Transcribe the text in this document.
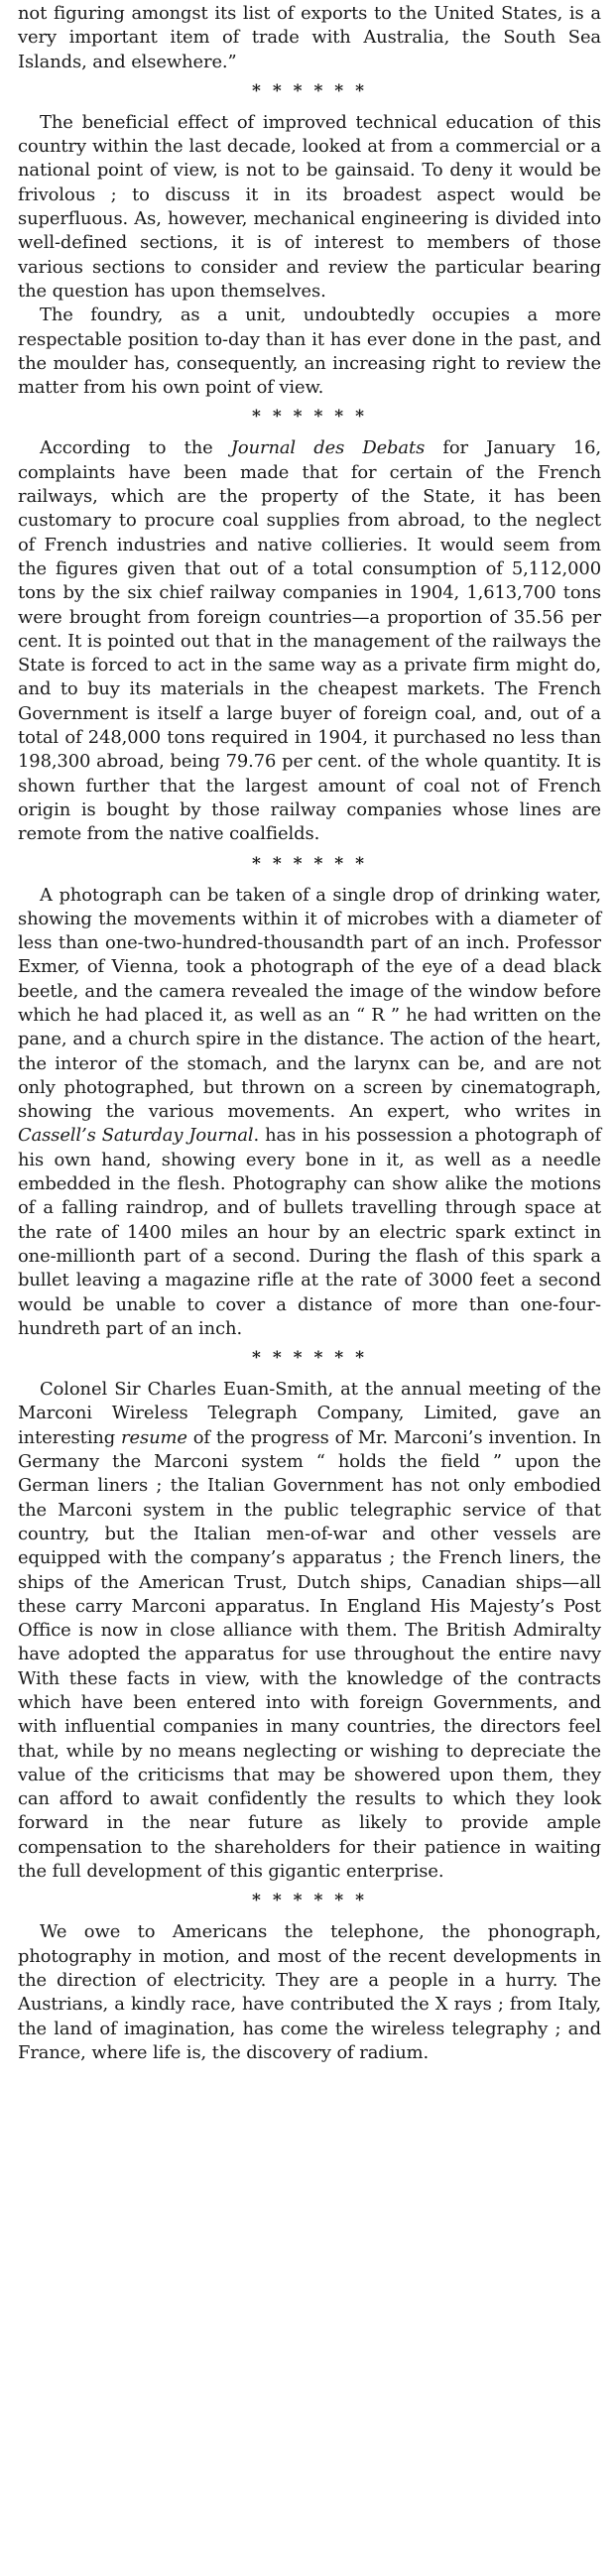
not figuring amongst its list of exports to the United States, is a very important item of trade with Australia, the South Sea Islands, and elsewhere.”

* * * * * *

The beneficial effect of improved technical education of this country within the last decade, looked at from a commercial or a national point of view, is not to be gainsaid. To deny it would be frivolous ; to discuss it in its broadest aspect would be superfluous. As, however, mechanical engineering is divided into well-defined sections, it is of interest to members of those various sections to consider and review the particular bearing the question has upon themselves.

The foundry, as a unit, undoubtedly occupies a more respectable position to-day than it has ever done in the past, and the moulder has, consequently, an increasing right to review the matter from his own point of view.

* * * * * *

According to the Journal des Debats for January 16, complaints have been made that for certain of the French railways, which are the property of the State, it has been customary to procure coal supplies from abroad, to the neglect of French industries and native collieries. It would seem from the figures given that out of a total consumption of 5,112,000 tons by the six chief railway companies in 1904, 1,613,700 tons were brought from foreign countries—a proportion of 35.56 per cent. It is pointed out that in the management of the railways the State is forced to act in the same way as a private firm might do, and to buy its materials in the cheapest markets. The French Government is itself a large buyer of foreign coal, and, out of a total of 248,000 tons required in 1904, it purchased no less than 198,300 abroad, being 79.76 per cent. of the whole quantity. It is shown further that the largest amount of coal not of French origin is bought by those railway companies whose lines are remote from the native coalfields.

* * * * * *

A photograph can be taken of a single drop of drinking water, showing the movements within it of microbes with a diameter of less than one-two-hundred-thousandth part of an inch. Professor Exmer, of Vienna, took a photograph of the eye of a dead black beetle, and the camera revealed the image of the window before which he had placed it, as well as an “ R ” he had written on the pane, and a church spire in the distance. The action of the heart, the interor of the stomach, and the larynx can be, and are not only photographed, but thrown on a screen by cinematograph, showing the various movements. An expert, who writes in Cassell’s Saturday Journal. has in his possession a photograph of his own hand, showing every bone in it, as well as a needle embedded in the flesh. Photography can show alike the motions of a falling raindrop, and of bullets travelling through space at the rate of 1400 miles an hour by an electric spark extinct in one-millionth part of a second. During the flash of this spark a bullet leaving a magazine rifle at the rate of 3000 feet a second would be unable to cover a distance of more than one-four-hundreth part of an inch.

* * * * * *

Colonel Sir Charles Euan-Smith, at the annual meeting of the Marconi Wireless Telegraph Company, Limited, gave an interesting resume of the progress of Mr. Marconi’s invention. In Germany the Marconi system “ holds the field ” upon the German liners ; the Italian Government has not only embodied the Marconi system in the public telegraphic service of that country, but the Italian men-of-war and other vessels are equipped with the company’s apparatus ; the French liners, the ships of the American Trust, Dutch ships, Canadian ships—all these carry Marconi apparatus. In England His Majesty’s Post Office is now in close alliance with them. The British Admiralty have adopted the apparatus for use throughout the entire navy With these facts in view, with the knowledge of the contracts which have been entered into with foreign Governments, and with influential companies in many countries, the directors feel that, while by no means neglecting or wishing to depreciate the value of the criticisms that may be showered upon them, they can afford to await confidently the results to which they look forward in the near future as likely to provide ample compensation to the shareholders for their patience in waiting the full development of this gigantic enterprise.

* * * * * *

We owe to Americans the telephone, the phonograph, photography in motion, and most of the recent developments in the direction of electricity. They are a people in a hurry. The Austrians, a kindly race, have contributed the X rays ; from Italy, the land of imagination, has come the wireless telegraphy ; and France, where life is, the discovery of radium.
